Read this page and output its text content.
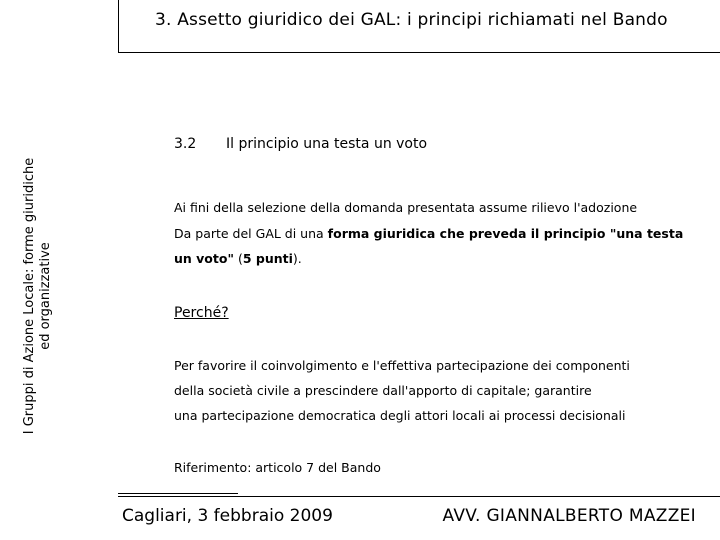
3. Assetto giuridico dei GAL: i principi richiamati nel Bando
I Gruppi di Azione Locale: forme giuridiche ed organizzative
3.2 Il principio una testa un voto
Ai fini della selezione della domanda presentata assume rilievo l'adozione
Da parte del GAL di una forma giuridica che preveda il principio "una testa
un voto" (5 punti).
Perché?
Per favorire il coinvolgimento e l'effettiva partecipazione dei componenti
della società civile a prescindere dall'apporto di capitale; garantire
una partecipazione democratica degli attori locali ai processi decisionali
Riferimento: articolo 7 del Bando
Cagliari, 3 febbraio 2009	AVV. GIANNALBERTO MAZZEI
